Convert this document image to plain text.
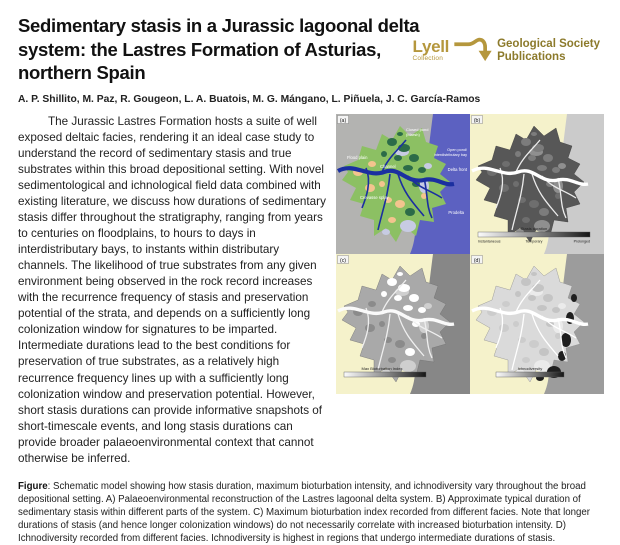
Sedimentary stasis in a Jurassic lagoonal delta
system: the Lastres Formation of Asturias,
northern Spain
Lyell
Collection
Geological Society
Publications
A. P. Shillito, M. Paz, R. Gougeon, L. A. Buatois, M. G. Mángano, L. Piñuela, J. C. García-Ramos

The Jurassic Lastres Formation hosts a suite of well exposed deltaic facies, rendering it an ideal case study to understand the record of sedimentary stasis and true substrates within this broad depositional setting. With novel sedimentological and ichnological field data combined with existing literature, we discuss how durations of sedimentary stasis differ throughout the stratigraphy, ranging from years to centuries on floodplains, to hours to days in interdistributary bays, to instants within distributary channels. The likelihood of true substrates from any given environment being observed in the rock record increases with the recurrence frequency of stasis and preservation potential of the strata, and depends on a sufficiently long colonization window for signatures to be imparted. Intermediate durations lead to the best conditions for preservation of true substrates, as a relatively high recurrence frequency lines up with a sufficiently long colonization window and preservation potential. However, short stasis durations can provide informative snapshots of short-timescale events, and long stasis durations can provide broader palaeoenvironmental context that cannot otherwise be inferred.

Flood plain
Channel
Crevasse splay
Closed pond
(Marsh)
Open pond/
interdistributary bay
Delta front
Prodelta
(a)
Stasis duration
Instantaneous	Temporary	Prolonged
(b)
Max Bioturbation Index
(c)
Ichnodiversity
(d)

Figure: Schematic model showing how stasis duration, maximum bioturbation intensity, and ichnodiversity vary throughout the broad depositional setting. A) Palaeoenvironmental reconstruction of the Lastres lagoonal delta system. B) Approximate typical duration of sedimentary stasis within different parts of the system. C) Maximum bioturbation index recorded from different facies. Note that longer durations of stasis (and hence longer colonization windows) do not necessarily correlate with increased bioturbation intensity. D) Ichnodiversity recorded from different facies. Ichnodiversity is highest in regions that undergo intermediate durations of stasis.
